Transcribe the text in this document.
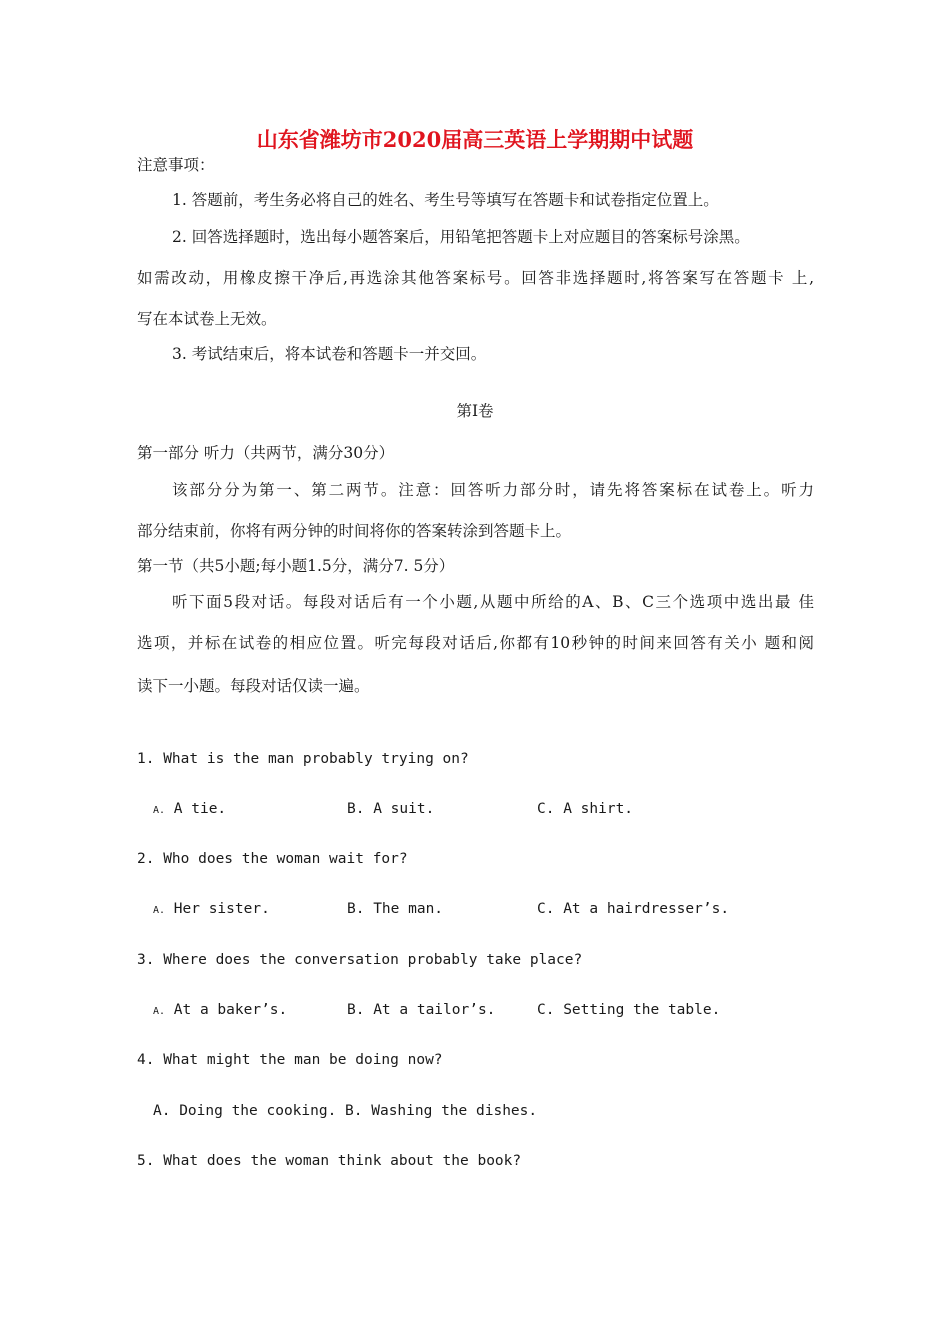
山东省潍坊市2020届高三英语上学期期中试题
注意事项：
1. 答题前，考生务必将自己的姓名、考生号等填写在答题卡和试卷指定位置上。
2. 回答选择题时，选出每小题答案后，用铅笔把答题卡上对应题目的答案标号涂黑。
如需改动，用橡皮擦干净后,再选涂其他答案标号。回答非选择题时,将答案写在答题卡 上,
写在本试卷上无效。
3. 考试结束后，将本试卷和答题卡一并交回。
第I卷
第一部分 听力（共两节，满分30分）
该部分分为第一、第二两节。注意：回答听力部分时，请先将答案标在试卷上。听力
部分结束前，你将有两分钟的时间将你的答案转涂到答题卡上。
第一节（共5小题;每小题1.5分，满分7. 5分）
听下面5段对话。每段对话后有一个小题,从题中所给的A、B、C三个选项中选出最 佳
选项，并标在试卷的相应位置。听完每段对话后,你都有10秒钟的时间来回答有关小 题和阅
读下一小题。每段对话仅读一遍。
1. What is the man probably trying on?
A. A tie.	B. A suit.	C. A shirt.
2. Who does the woman wait for?
A. Her sister.	B. The man.	C. At a hairdresser’s.
3. Where does the conversation probably take place?
A. At a baker’s.	B. At a tailor’s.	C. Setting the table.
4. What might the man be doing now?
A. Doing the cooking. B. Washing the dishes.
5. What does the woman think about the book?
